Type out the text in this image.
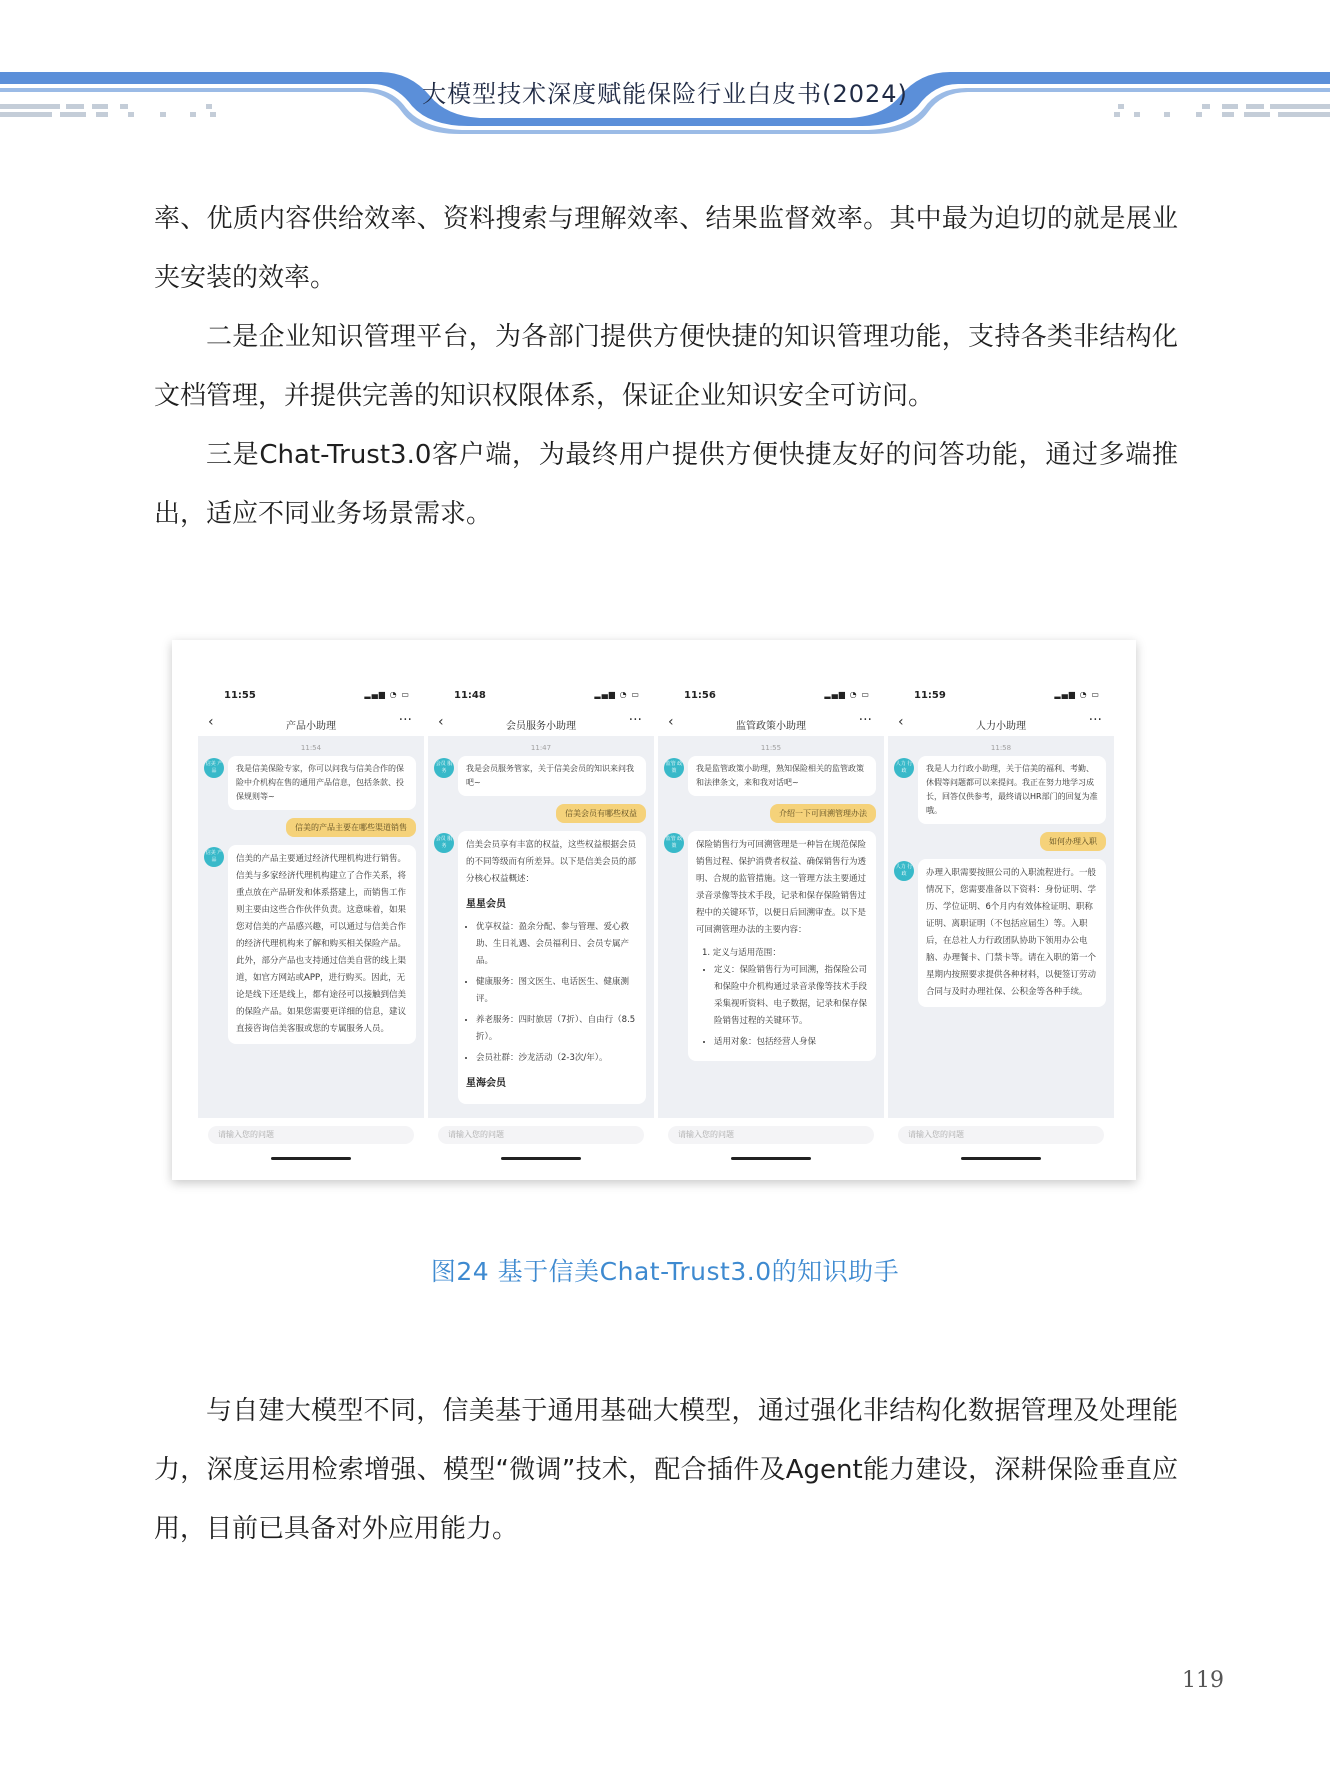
大模型技术深度赋能保险行业白皮书(2024)

率、优质内容供给效率、资料搜索与理解效率、结果监督效率。其中最为迫切的就是展业夹安装的效率。

二是企业知识管理平台，为各部门提供方便快捷的知识管理功能，支持各类非结构化文档管理，并提供完善的知识权限体系，保证企业知识安全可访问。

三是Chat-Trust3.0客户端，为最终用户提供方便快捷友好的问答功能，通过多端推出，适应不同业务场景需求。

11:55	▂▄▆ ◔ ▭
‹	产品小助理	···
11:54
信美 产品	我是信美保险专家，你可以问我与信美合作的保险中介机构在售的通用产品信息，包括条款、投保规则等~
信美的产品主要在哪些渠道销售
信美 产品	信美的产品主要通过经济代理机构进行销售。信美与多家经济代理机构建立了合作关系，将重点放在产品研发和体系搭建上，而销售工作则主要由这些合作伙伴负责。这意味着，如果您对信美的产品感兴趣，可以通过与信美合作的经济代理机构来了解和购买相关保险产品。此外，部分产品也支持通过信美自营的线上渠道，如官方网站或APP，进行购买。因此，无论是线下还是线上，都有途径可以接触到信美的保险产品。如果您需要更详细的信息，建议直接咨询信美客服或您的专属服务人员。
请输入您的问题
11:48	▂▄▆ ◔ ▭
‹	会员服务小助理	···
11:47
会员 服务	我是会员服务管家，关于信美会员的知识来问我吧~
信美会员有哪些权益
会员 服务	信美会员享有丰富的权益，这些权益根据会员的不同等级而有所差异。以下是信美会员的部分核心权益概述：
星星会员
• 优享权益：盈余分配、参与管理、爱心救助、生日礼遇、会员福利日、会员专属产品。
• 健康服务：图文医生、电话医生、健康测评。
• 养老服务：四时旅居（7折）、自由行（8.5折）。
• 会员社群：沙龙活动（2-3次/年）。
星海会员
请输入您的问题
11:56	▂▄▆ ◔ ▭
‹	监管政策小助理	···
11:55
监管 政策	我是监管政策小助理，熟知保险相关的监管政策和法律条文，来和我对话吧~
介绍一下可回溯管理办法
监管 政策	保险销售行为可回溯管理是一种旨在规范保险销售过程、保护消费者权益、确保销售行为透明、合规的监管措施。这一管理方法主要通过录音录像等技术手段，记录和保存保险销售过程中的关键环节，以便日后回溯审查。以下是可回溯管理办法的主要内容：
1. 定义与适用范围：
• 定义：保险销售行为可回溯，指保险公司和保险中介机构通过录音录像等技术手段采集视听资料、电子数据，记录和保存保险销售过程的关键环节。
• 适用对象：包括经营人身保
请输入您的问题
11:59	▂▄▆ ◔ ▭
‹	人力小助理	···
11:58
人力 行政	我是人力行政小助理，关于信美的福利、考勤、休假等问题都可以来提问。我正在努力地学习成长，回答仅供参考，最终请以HR部门的回复为准哦。
如何办理入职
人力 行政	办理入职需要按照公司的入职流程进行。一般情况下，您需要准备以下资料：身份证明、学历、学位证明、6个月内有效体检证明、职称证明、离职证明（不包括应届生）等。入职后，在总社人力行政团队协助下领用办公电脑、办理餐卡、门禁卡等。请在入职的第一个星期内按照要求提供各种材料，以便签订劳动合同与及时办理社保、公积金等各种手续。
请输入您的问题
图24 基于信美Chat-Trust3.0的知识助手

与自建大模型不同，信美基于通用基础大模型，通过强化非结构化数据管理及处理能力，深度运用检索增强、模型“微调”技术，配合插件及Agent能力建设，深耕保险垂直应用，目前已具备对外应用能力。

119
